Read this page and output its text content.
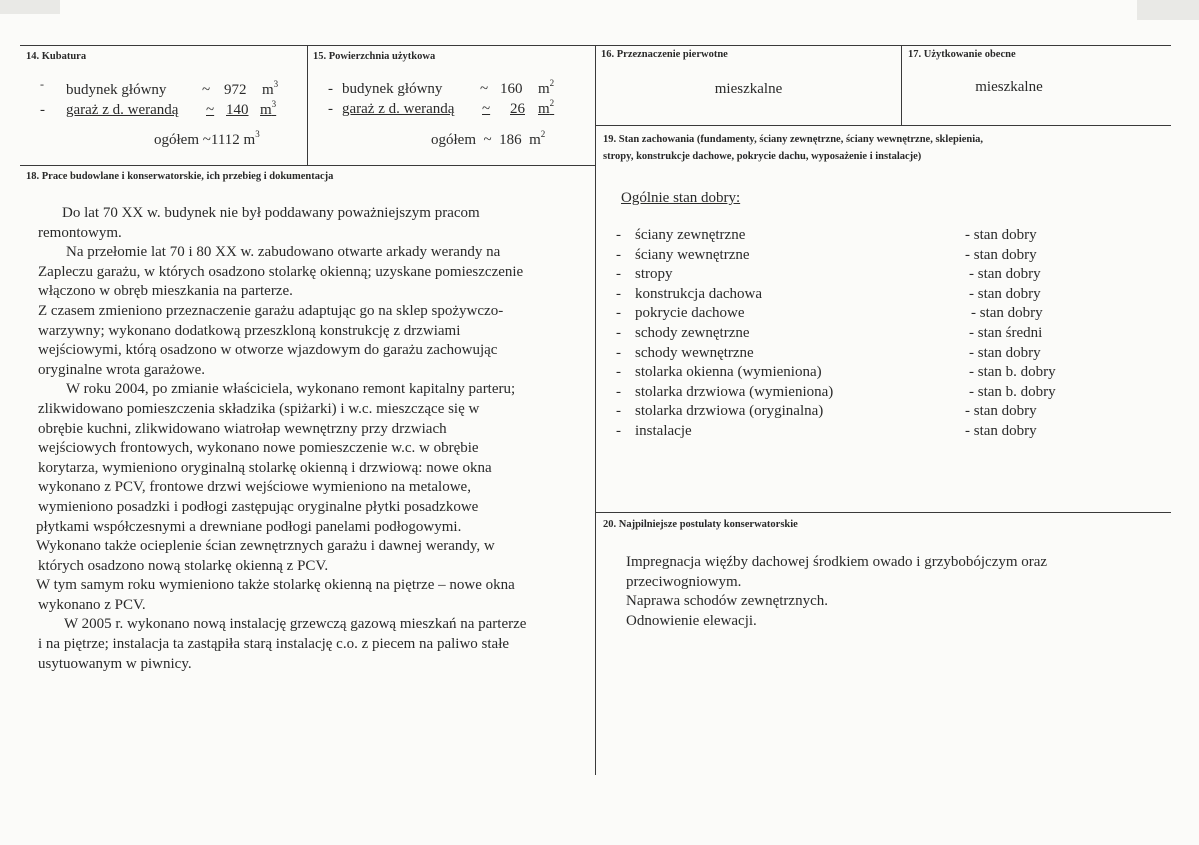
14. Kubatura
- budynek główny ~ 972 $m^3$
- garaż z d. werandą ~ 140 $m^3$
ogółem ~1112 $m^3$
15. Powierzchnia użytkowa
- budynek główny	~ 160 $m^2$
- garaż z d. werandą ~ 26 $m^2$
ogółem ~ 186 $m^2$
16. Przeznaczenie pierwotne
mieszkalne
17. Użytkowanie obecne
mieszkalne
18. Prace budowlane i konserwatorskie, ich przebieg i dokumentacja
Do lat 70 XX w. budynek nie był poddawany poważniejszym pracom
remontowym.
Na przełomie lat 70 i 80 XX w. zabudowano otwarte arkady werandy na
Zapleczu garażu, w których osadzono stolarkę okienną; uzyskane pomieszczenie
włączono w obręb mieszkania na parterze.
Z czasem zmieniono przeznaczenie garażu adaptując go na sklep spożywczo-
warzywny; wykonano dodatkową przeszkloną konstrukcję z drzwiami
wejściowymi, którą osadzono w otworze wjazdowym do garażu zachowując
oryginalne wrota garażowe.
W roku 2004, po zmianie właściciela, wykonano remont kapitalny parteru;
zlikwidowano pomieszczenia składzika (spiżarki) i w.c. mieszczące się w
obrębie kuchni, zlikwidowano wiatrołap wewnętrzny przy drzwiach
wejściowych frontowych, wykonano nowe pomieszczenie w.c. w obrębie
korytarza, wymieniono oryginalną stolarkę okienną i drzwiową: nowe okna
wykonano z PCV, frontowe drzwi wejściowe wymieniono na metalowe,
wymieniono posadzki i podłogi zastępując oryginalne płytki posadzkowe
płytkami współczesnymi a drewniane podłogi panelami podłogowymi.
Wykonano także ocieplenie ścian zewnętrznych garażu i dawnej werandy, w
których osadzono nową stolarkę okienną z PCV.
W tym samym roku wymieniono także stolarkę okienną na piętrze – nowe okna
wykonano z PCV.
W 2005 r. wykonano nową instalację grzewczą gazową mieszkań na parterze
i na piętrze; instalacja ta zastąpiła starą instalację c.o. z piecem na paliwo stałe
usytuowanym w piwnicy.
19. Stan zachowania (fundamenty, ściany zewnętrzne, ściany wewnętrzne, sklepienia,
stropy, konstrukcje dachowe, pokrycie dachu, wyposażenie i instalacje)
Ogólnie stan dobry:
- ściany zewnętrzne	- stan dobry
- ściany wewnętrzne	- stan dobry
- stropy	- stan dobry
- konstrukcja dachowa	- stan dobry
- pokrycie dachowe	- stan dobry
- schody zewnętrzne	- stan średni
- schody wewnętrzne	- stan dobry
- stolarka okienna (wymieniona)	- stan b. dobry
- stolarka drzwiowa (wymieniona)	- stan b. dobry
- stolarka drzwiowa (oryginalna)	- stan dobry
- instalacje	- stan dobry
20. Najpilniejsze postulaty konserwatorskie
Impregnacja więźby dachowej środkiem owado i grzybobójczym oraz
przeciwogniowym.
Naprawa schodów zewnętrznych.
Odnowienie elewacji.
